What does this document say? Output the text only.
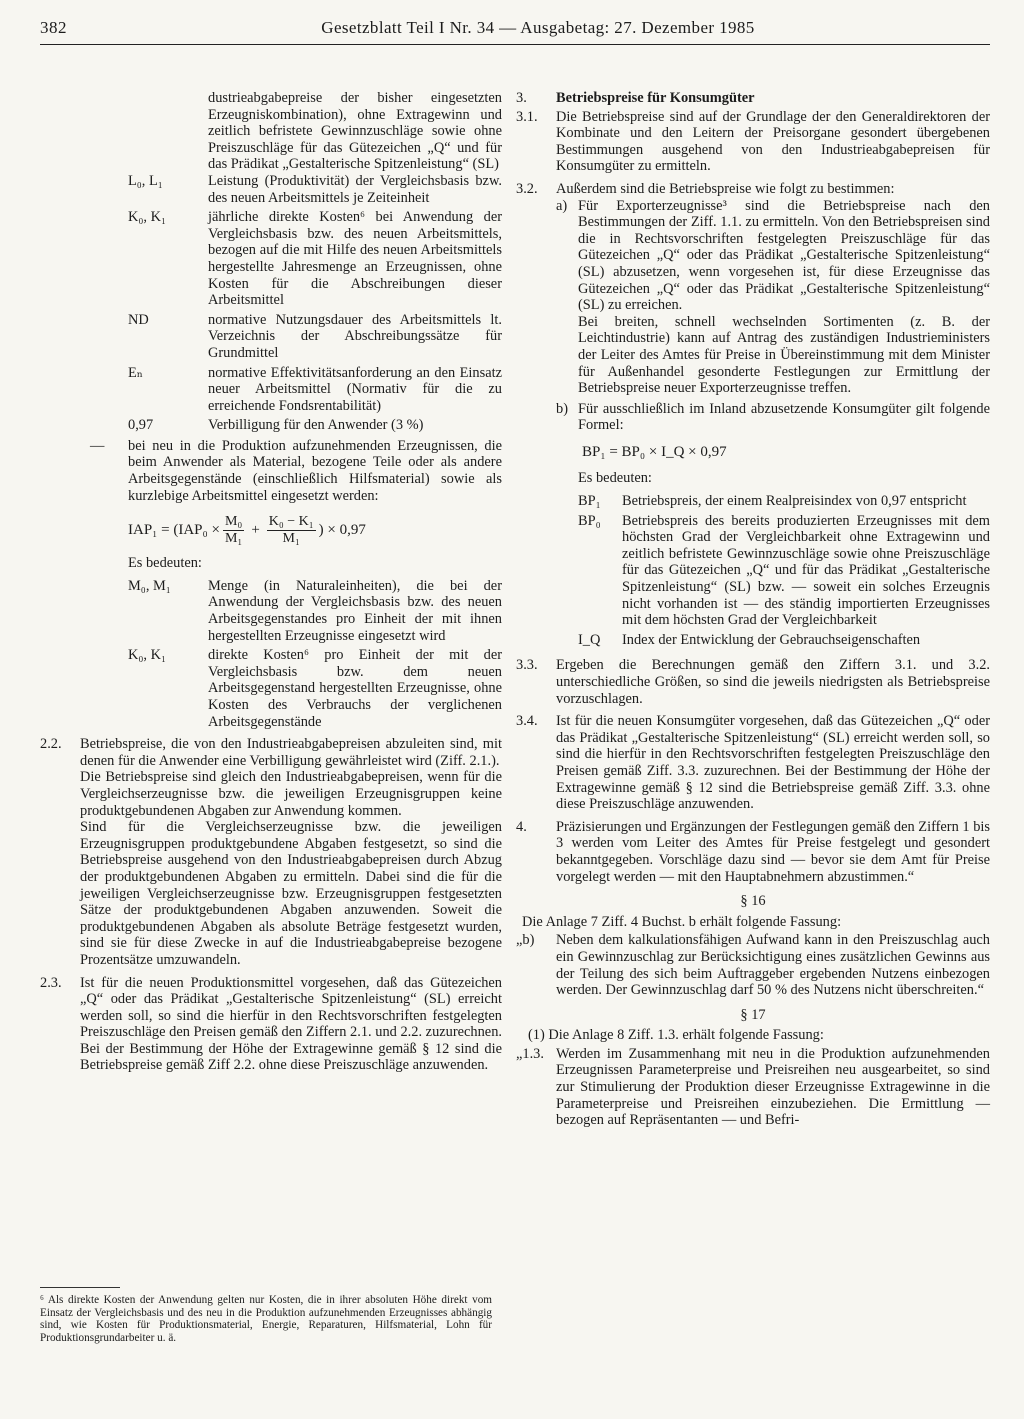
382	Gesetzblatt Teil I Nr. 34 — Ausgabetag: 27. Dezember 1985

dustrieabgabepreise der bisher eingesetzten Erzeugniskombination), ohne Extragewinn und zeitlich befristete Gewinnzuschläge sowie ohne Preiszuschläge für das Gütezeichen „Q“ und für das Prädikat „Gestalterische Spitzenleistung“ (SL)

L₀, L₁	Leistung (Produktivität) der Vergleichsbasis bzw. des neuen Arbeitsmittels je Zeiteinheit
K₀, K₁	jährliche direkte Kosten⁶ bei Anwendung der Vergleichsbasis bzw. des neuen Arbeitsmittels, bezogen auf die mit Hilfe des neuen Arbeitsmittels hergestellte Jahresmenge an Erzeugnissen, ohne Kosten für die Abschreibungen dieser Arbeitsmittel
ND	normative Nutzungsdauer des Arbeitsmittels lt. Verzeichnis der Abschreibungssätze für Grundmittel
Eₙ	normative Effektivitätsanforderung an den Einsatz neuer Arbeitsmittel (Normativ für die zu erreichende Fondsrentabilität)
0,97	Verbilligung für den Anwender (3 %)
—	bei neu in die Produktion aufzunehmenden Erzeugnissen, die beim Anwender als Material, bezogene Teile oder als andere Arbeitsgegenstände (einschließlich Hilfsmaterial) sowie als kurzlebige Arbeitsmittel eingesetzt werden:

$IAP_1 = (IAP_0 \times \frac{\text{M₀}}{\text{M₁}} + \frac{\text{K₀ − K₁}}{\text{M₁}}$ ) × 0,97

Es bedeuten:

M₀, M₁	Menge (in Naturaleinheiten), die bei der Anwendung der Vergleichsbasis bzw. des neuen Arbeitsgegenstandes pro Einheit der mit ihnen hergestellten Erzeugnisse eingesetzt wird
K₀, K₁	direkte Kosten⁶ pro Einheit der mit der Vergleichsbasis bzw. dem neuen Arbeitsgegenstand hergestellten Erzeugnisse, ohne Kosten des Verbrauchs der verglichenen Arbeitsgegenstände
2.2.	Betriebspreise, die von den Industrieabgabepreisen abzuleiten sind, mit denen für die Anwender eine Verbilligung gewährleistet wird (Ziff. 2.1.).

Die Betriebspreise sind gleich den Industrieabgabepreisen, wenn für die Vergleichserzeugnisse bzw. die jeweiligen Erzeugnisgruppen keine produktgebundenen Abgaben zur Anwendung kommen.

Sind für die Vergleichserzeugnisse bzw. die jeweiligen Erzeugnisgruppen produktgebundene Abgaben festgesetzt, so sind die Betriebspreise ausgehend von den Industrieabgabepreisen durch Abzug der produktgebundenen Abgaben zu ermitteln. Dabei sind die für die jeweiligen Vergleichserzeugnisse bzw. Erzeugnisgruppen festgesetzten Sätze der produktgebundenen Abgaben anzuwenden. Soweit die produktgebundenen Abgaben als absolute Beträge festgesetzt wurden, sind sie für diese Zwecke in auf die Industrieabgabepreise bezogene Prozentsätze umzuwandeln.

2.3.	Ist für die neuen Produktionsmittel vorgesehen, daß das Gütezeichen „Q“ oder das Prädikat „Gestalterische Spitzenleistung“ (SL) erreicht werden soll, so sind die hierfür in den Rechtsvorschriften festgelegten Preiszuschläge den Preisen gemäß den Ziffern 2.1. und 2.2. zuzurechnen. Bei der Bestimmung der Höhe der Extragewinne gemäß § 12 sind die Betriebspreise gemäß Ziff 2.2. ohne diese Preiszuschläge anzuwenden.

⁶ Als direkte Kosten der Anwendung gelten nur Kosten, die in ihrer absoluten Höhe direkt vom Einsatz der Vergleichsbasis und des neu in die Produktion aufzunehmenden Erzeugnisses abhängig sind, wie Kosten für Produktionsmaterial, Energie, Reparaturen, Hilfsmaterial, Lohn für Produktionsgrundarbeiter u. ä.

3.	Betriebspreise für Konsumgüter
3.1.	Die Betriebspreise sind auf der Grundlage der den Generaldirektoren der Kombinate und den Leitern der Preisorgane gesondert übergebenen Bestimmungen ausgehend von den Industrieabgabepreisen für Konsumgüter zu ermitteln.

3.2.	Außerdem sind die Betriebspreise wie folgt zu bestimmen:

a) Für Exporterzeugnisse³ sind die Betriebspreise nach den Bestimmungen der Ziff. 1.1. zu ermitteln. Von den Betriebspreisen sind die in Rechtsvorschriften festgelegten Preiszuschläge für das Gütezeichen „Q“ oder das Prädikat „Gestalterische Spitzenleistung“ (SL) abzusetzen, wenn vorgesehen ist, für diese Erzeugnisse das Gütezeichen „Q“ oder das Prädikat „Gestalterische Spitzenleistung“ (SL) zu erreichen.

Bei breiten, schnell wechselnden Sortimenten (z. B. der Leichtindustrie) kann auf Antrag des zuständigen Industrieministers der Leiter des Amtes für Preise in Übereinstimmung mit dem Minister für Außenhandel gesonderte Festlegungen zur Ermittlung der Betriebspreise neuer Exporterzeugnisse treffen.

b) Für ausschließlich im Inland abzusetzende Konsumgüter gilt folgende Formel:

BP₁ = BP₀ × I_Q × 0,97

Es bedeuten:

BP₁	Betriebspreis, der einem Realpreisindex von 0,97 entspricht
BP₀	Betriebspreis des bereits produzierten Erzeugnisses mit dem höchsten Grad der Vergleichbarkeit ohne Extragewinn und zeitlich befristete Gewinnzuschläge sowie ohne Preiszuschläge für das Gütezeichen „Q“ und für das Prädikat „Gestalterische Spitzenleistung“ (SL) bzw. — soweit ein solches Erzeugnis nicht vorhanden ist — des ständig importierten Erzeugnisses mit dem höchsten Grad der Vergleichbarkeit
I_Q	Index der Entwicklung der Gebrauchseigenschaften
3.3.	Ergeben die Berechnungen gemäß den Ziffern 3.1. und 3.2. unterschiedliche Größen, so sind die jeweils niedrigsten als Betriebspreise vorzuschlagen.

3.4.	Ist für die neuen Konsumgüter vorgesehen, daß das Gütezeichen „Q“ oder das Prädikat „Gestalterische Spitzenleistung“ (SL) erreicht werden soll, so sind die hierfür in den Rechtsvorschriften festgelegten Preiszuschläge den Preisen gemäß Ziff. 3.3. zuzurechnen. Bei der Bestimmung der Höhe der Extragewinne gemäß § 12 sind die Betriebspreise gemäß Ziff. 3.3. ohne diese Preiszuschläge anzuwenden.

4.	Präzisierungen und Ergänzungen der Festlegungen gemäß den Ziffern 1 bis 3 werden vom Leiter des Amtes für Preise festgelegt und gesondert bekanntgegeben. Vorschläge dazu sind — bevor sie dem Amt für Preise vorgelegt werden — mit den Hauptabnehmern abzustimmen.“

§ 16

Die Anlage 7 Ziff. 4 Buchst. b erhält folgende Fassung:

„b)	Neben dem kalkulationsfähigen Aufwand kann in den Preiszuschlag auch ein Gewinnzuschlag zur Berücksichtigung eines zusätzlichen Gewinns aus der Teilung des sich beim Auftraggeber ergebenden Nutzens einbezogen werden. Der Gewinnzuschlag darf 50 % des Nutzens nicht überschreiten.“

§ 17

(1) Die Anlage 8 Ziff. 1.3. erhält folgende Fassung:

„1.3. Werden im Zusammenhang mit neu in die Produktion aufzunehmenden Erzeugnissen Parameterpreise und Preisreihen neu ausgearbeitet, so sind zur Stimulierung der Produktion dieser Erzeugnisse Extragewinne in die Parameterpreise und Preisreihen einzubeziehen. Die Ermittlung — bezogen auf Repräsentanten — und Befri-
